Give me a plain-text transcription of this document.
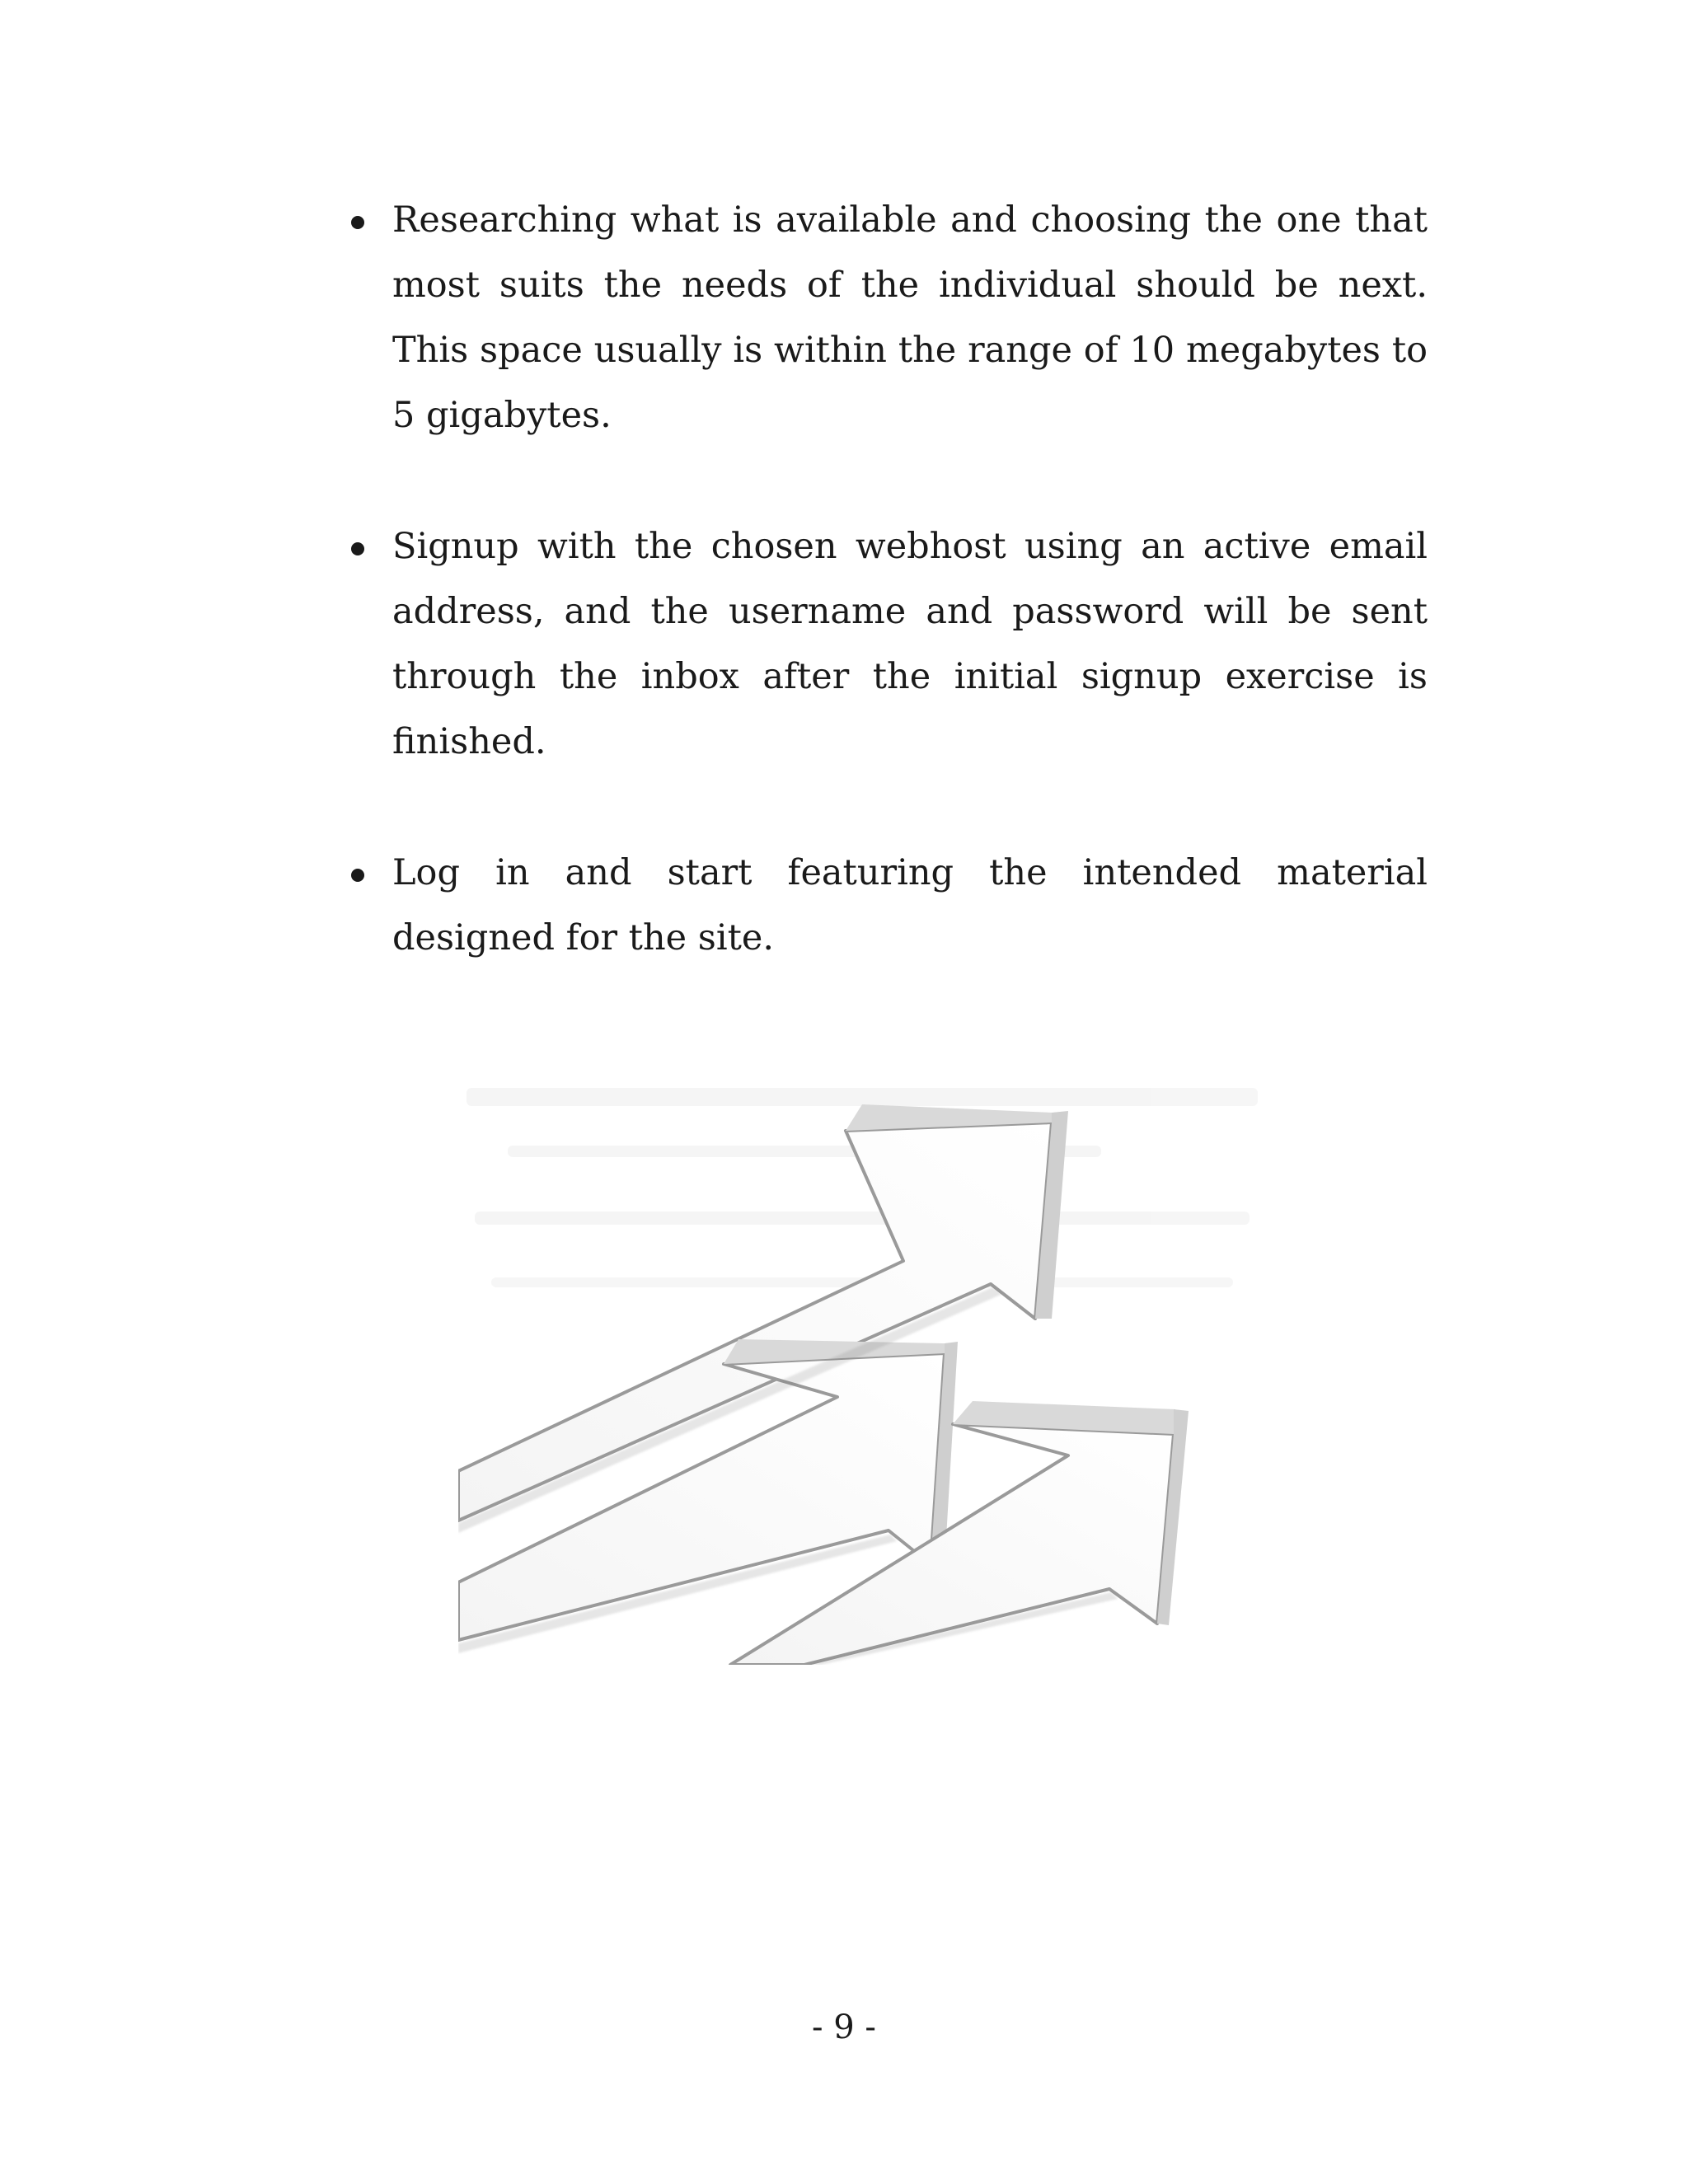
Researching what is available and choosing the one that most suits the needs of the individual should be next. This space usually is within the range of 10 megabytes to 5 gigabytes.

Signup with the chosen webhost using an active email address, and the username and password will be sent through the inbox after the initial signup exercise is finished.

Log in and start featuring the intended material designed for the site.

- 9 -
